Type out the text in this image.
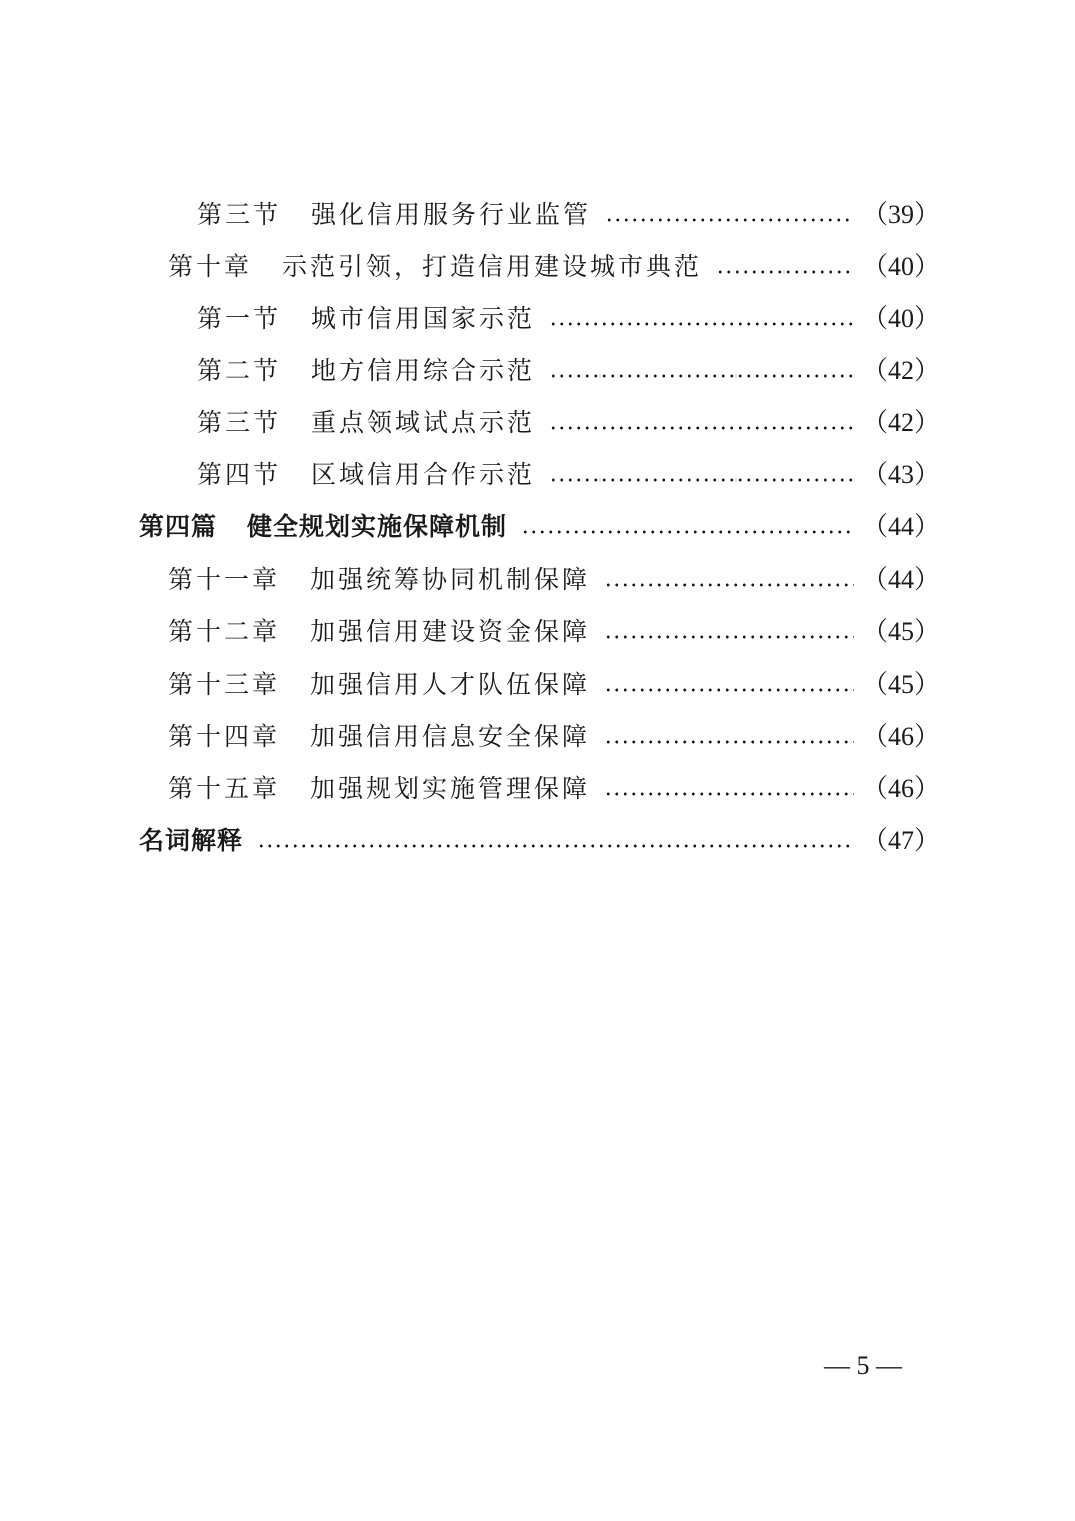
第三节 强化信用服务行业监管	（39）
第十章 示范引领，打造信用建设城市典范	（40）
第一节 城市信用国家示范	（40）
第二节 地方信用综合示范	（42）
第三节 重点领域试点示范	（42）
第四节 区域信用合作示范	（43）
第四篇 健全规划实施保障机制	（44）
第十一章 加强统筹协同机制保障	（44）
第十二章 加强信用建设资金保障	（45）
第十三章 加强信用人才队伍保障	（45）
第十四章 加强信用信息安全保障	（46）
第十五章 加强规划实施管理保障	（46）
名词解释	（47）
— 5 —
